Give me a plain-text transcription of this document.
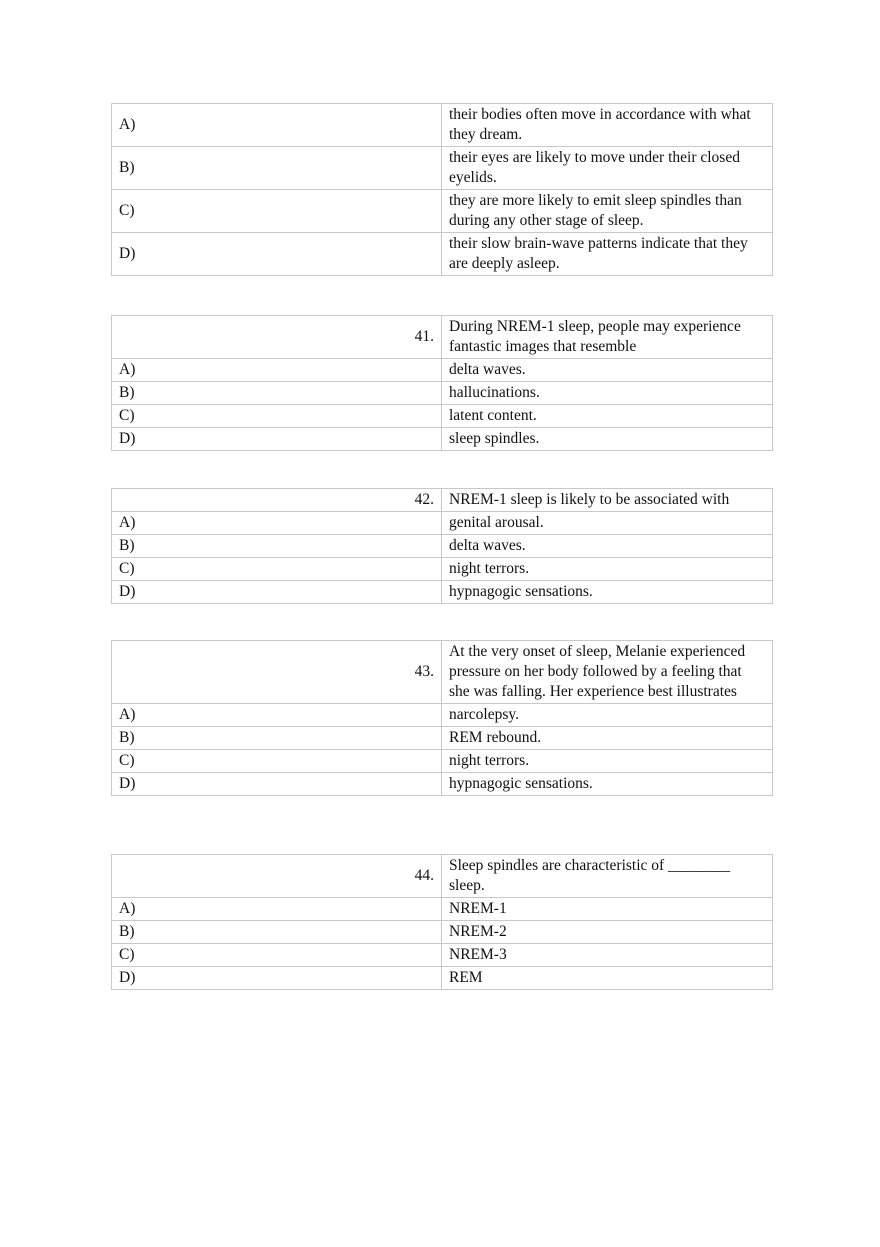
A)	their bodies often move in accordance with what they dream.
B)	their eyes are likely to move under their closed eyelids.
C)	they are more likely to emit sleep spindles than during any other stage of sleep.
D)	their slow brain-wave patterns indicate that they are deeply asleep.
41.	During NREM-1 sleep, people may experience fantastic images that resemble
A)	delta waves.
B)	hallucinations.
C)	latent content.
D)	sleep spindles.
42.	NREM-1 sleep is likely to be associated with
A)	genital arousal.
B)	delta waves.
C)	night terrors.
D)	hypnagogic sensations.
43.	At the very onset of sleep, Melanie experienced pressure on her body followed by a feeling that she was falling. Her experience best illustrates
A)	narcolepsy.
B)	REM rebound.
C)	night terrors.
D)	hypnagogic sensations.
44.	Sleep spindles are characteristic of ________ sleep.
A)	NREM-1
B)	NREM-2
C)	NREM-3
D)	REM
